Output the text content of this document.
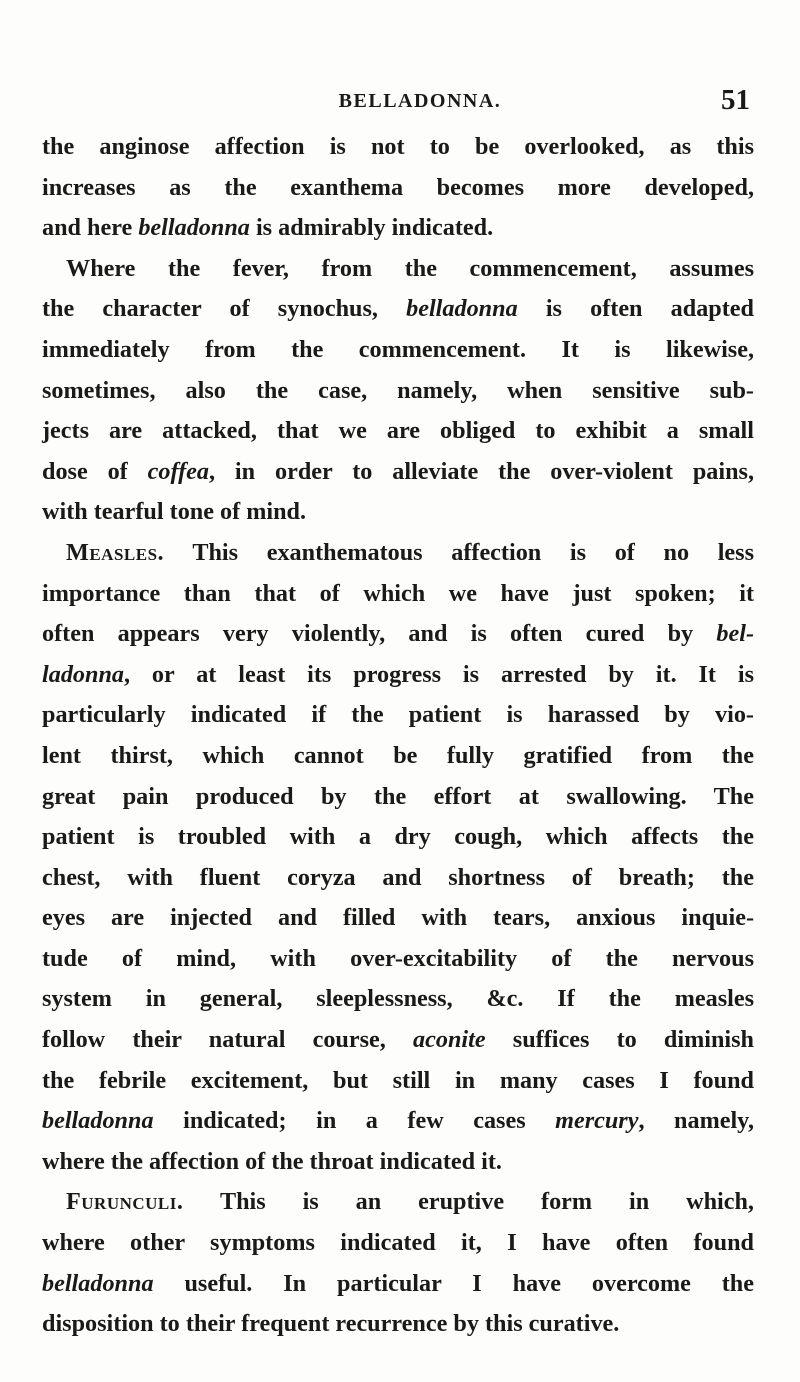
BELLADONNA.	51
the anginose affection is not to be overlooked, as this
increases as the exanthema becomes more developed,
and here belladonna is admirably indicated.
Where the fever, from the commencement, assumes
the character of synochus, belladonna is often adapted
immediately from the commencement. It is likewise,
sometimes, also the case, namely, when sensitive sub-
jects are attacked, that we are obliged to exhibit a small
dose of coffea, in order to alleviate the over-violent pains,
with tearful tone of mind.
Measles. This exanthematous affection is of no less
importance than that of which we have just spoken; it
often appears very violently, and is often cured by bel-
ladonna, or at least its progress is arrested by it. It is
particularly indicated if the patient is harassed by vio-
lent thirst, which cannot be fully gratified from the
great pain produced by the effort at swallowing. The
patient is troubled with a dry cough, which affects the
chest, with fluent coryza and shortness of breath; the
eyes are injected and filled with tears, anxious inquie-
tude of mind, with over-excitability of the nervous
system in general, sleeplessness, &c. If the measles
follow their natural course, aconite suffices to diminish
the febrile excitement, but still in many cases I found
belladonna indicated; in a few cases mercury, namely,
where the affection of the throat indicated it.
Furunculi. This is an eruptive form in which,
where other symptoms indicated it, I have often found
belladonna useful. In particular I have overcome the
disposition to their frequent recurrence by this curative.
